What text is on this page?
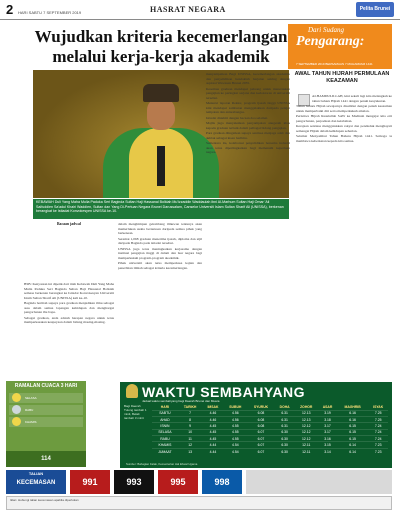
2 HARI SABTU 7 SEPTEMBER 2019	HASRAT NEGARA	Pelita Brunei
Wujudkan kriteria kecemerlangan melalui kerja-kerja akademik
KEBAWAH Duli Yang Maha Mulia Paduka Seri Baginda Sultan Haji Hassanal Bolkiah Mu'izzaddin Waddaulah ibni Al-Marhum Sultan Haji Omar 'Ali Saifuddien Sa'adul Khairi Waddien, Sultan dan Yang Di-Pertuan Negara Brunei Darussalam, Canselor Universiti Islam Sultan Sharif Ali (UNISSA), berkenan berangkat ke Istiadat Konvokesyen UNISSA ke-10.
Bacaan jadwal

BSB: Kenyataan ini dipetik dari titah Kebawah Duli Yang Maha Mulia Paduka Seri Baginda Sultan Haji Hassanal Bolkiah semasa berkenan berangkat ke Istiadat Konvokesyen Universiti Islam Sultan Sharif Ali (UNISSA) kali ke-10.

Baginda bertitah supaya para graduan menjadikan ilmu sebagai asas dalam semua lapangan kehidupan dan menghargai pengorbanan ibu bapa.

Sebagai graduan, anda adalah harapan negara untuk terus memperkasakan keupayaan dalam bidang masing-masing.

dalam menghimpun gelombang ilmuwan tentunya akan memerlukan usaha berterusan daripada semua pihak yang berkenaan.

Seramai 1,068 graduan menerima ijazah, diploma dan sijil daripada Baginda pada istiadat tersebut.

UNISSA juga terus meningkatkan kerjasama dengan institusi pengajian tinggi di dalam dan luar negara bagi memperkukuh program-program akademik.

Pihak universiti akan terus memperkasa kajian dan penerbitan ilmiah sebagai kriteria kecemerlangan.

menyampaikan Bagi UNISSA, kecemerlangan akademik dan penyelidikan hendaklah berjalan seiring dengan aspirasi Wawasan Brunei 2035.

Kesemua graduan mendapat peluang untuk meneruskan pengajian ke peringkat sarjana dan kedoktoran di universiti tersebut.

Menurut laporan Rektor, program ijazah tinggi UNISSA kini mendapat sambutan menggalakkan daripada pelajar tempatan dan antarabangsa.

Istiadat diakhiri dengan bacaan doa selamat.

Majlis juga menyaksikan penyampaian anugerah khas kepada graduan terbaik dalam pelbagai bidang pengajian.

Para graduan diingatkan supaya sentiasa menjaga adab dan akhlak sebagai insan berilmu.

Sementara itu, kolaborasi penyelidikan bersama industri akan terus dipertingkatkan bagi memenuhi keperluan negara.

Dari Sudang
Pengarang:
7 SEPTEMBER 2019 BERSAMAAN 7 MUHARRAM 1441
AWAL TAHUN HIJRAH PERMULAAN KEAZAMAN

ALHAMDULILLAH, kini sekali lagi kita melangkah ke tahun baharu Hijrah 1441 dengan penuh kesyukuran.

Tahun baharu Hijrah sewajarnya disambut dengan penuh keazaman untuk memperbaiki diri serta memperkukuh amalan.

Peristiwa Hijrah Rasulullah SAW ke Madinah mengajar kita erti pengorbanan, perpaduan dan ketabahan.

Kerajaan sentiasa menggalakkan rakyat dan penduduk menghayati semangat Hijrah dalam kehidupan seharian.

Selamat Menyambut Tahun Baharu Hijrah 1441. Semoga ia membawa keberkatan kepada kita semua.

RAMALAN CUACA 3 HARI
SELASA
RABU
KHAMIS
114
WAKTU SEMBAHYANG
Jadual waktu sembahyang bagi Daerah Brunei dan Muara
Bagi Daerah Tutong tambah 1 minit, Belait tambah 3 minit
HARI	TARIKH	IMSAK	SUBUH	SYURUK	DOHA	ZOHOR	ASAR	MAGHRIB	ISYAK
SABTU	7	4.46	4.56	6.08	6.31	12.13	3.19	6.16	7.25
AHAD	8	4.46	4.56	6.08	6.31	12.13	3.18	6.16	7.25
ISNIN	9	4.45	4.55	6.08	6.31	12.12	3.17	6.15	7.24
SELASA	10	4.45	4.55	6.07	6.30	12.12	3.17	6.15	7.24
RABU	11	4.45	4.55	6.07	6.30	12.12	3.16	6.15	7.24
KHAMIS	12	4.44	4.54	6.07	6.30	12.11	3.15	6.14	7.23
JUMAAT	13	4.44	4.54	6.07	6.30	12.11	3.14	6.14	7.23
Sumber: Bahagian Falak, Kementerian Hal Ehwal Ugama
TALIAN
KECEMASAN	991	993	995	998
Iklan: Hubungi talian kecemasan apabila diperlukan
